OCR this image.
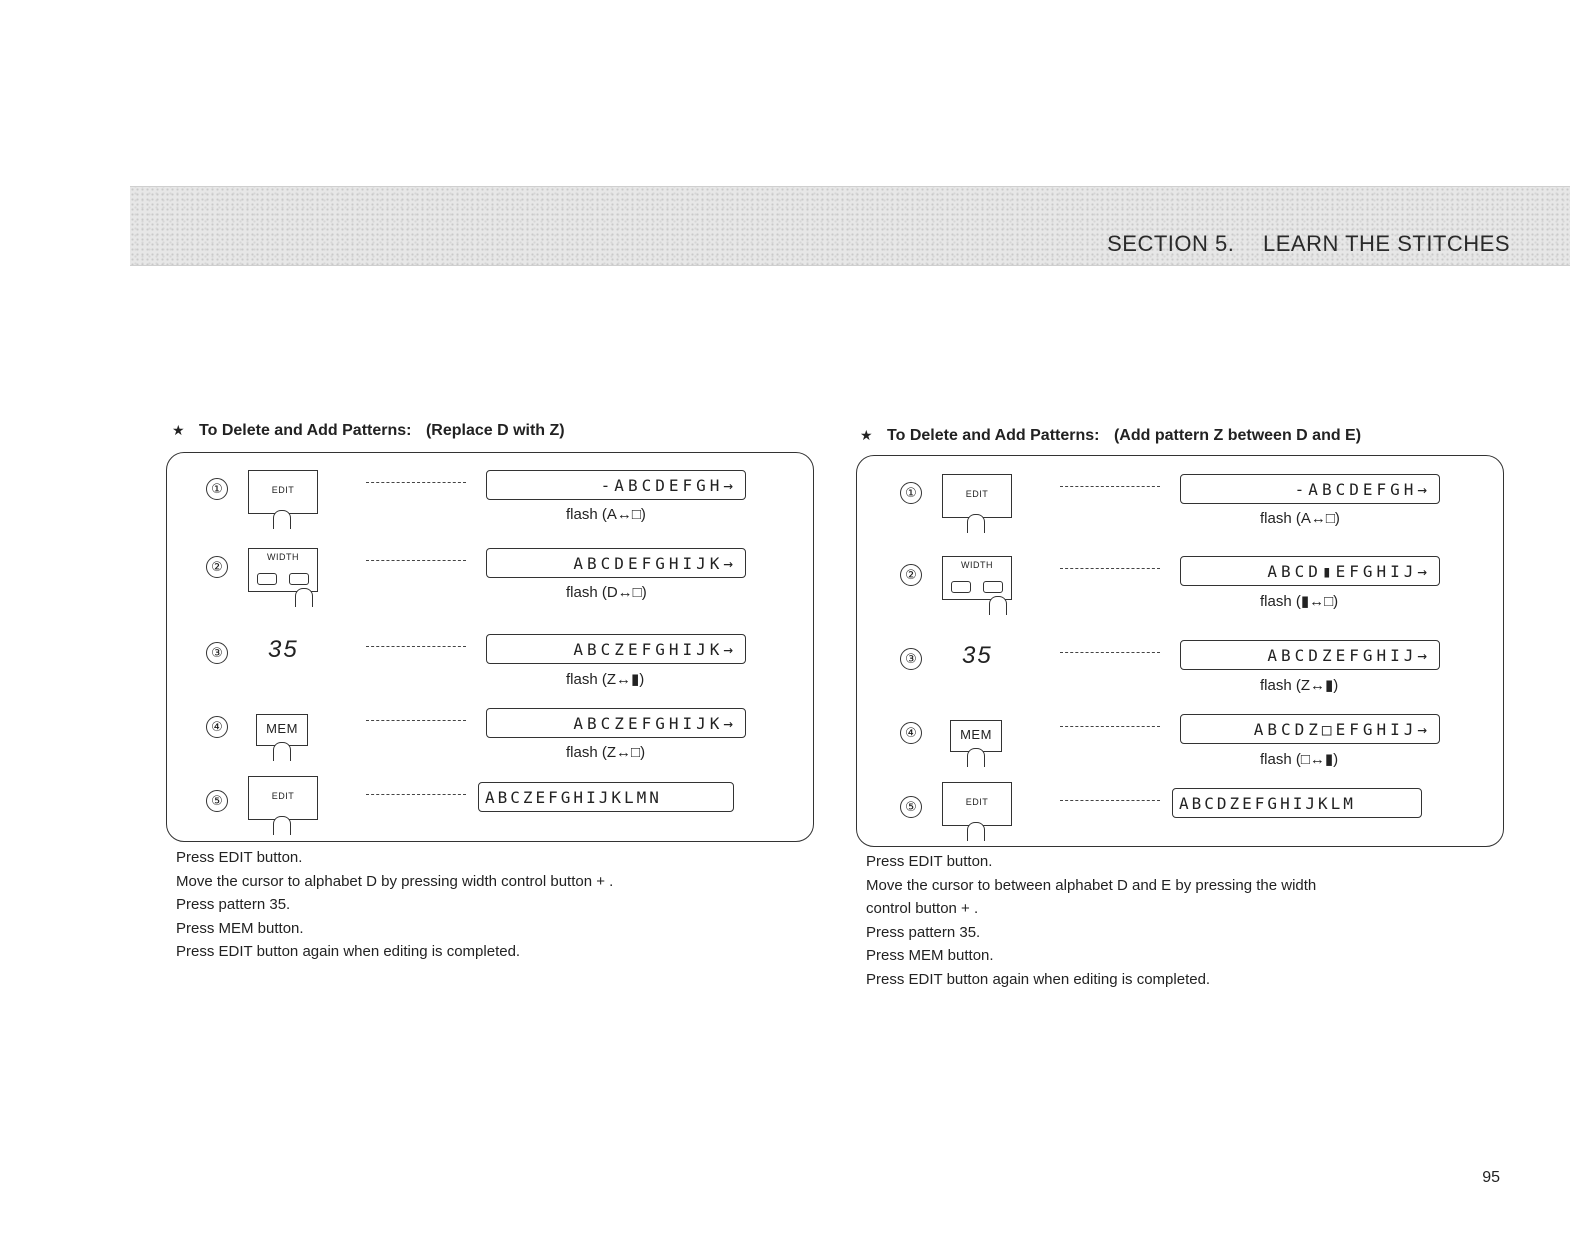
SECTION 5. LEARN THE STITCHES
★ To Delete and Add Patterns: (Replace D with Z)
①	EDIT	-ABCDEFGH→
flash (A↔□)
②
WIDTH	ABCDEFGHIJK→
flash (D↔□)
③ 35	ABCZEFGHIJK→
flash (Z↔▮)
④	MEM	ABCZEFGHIJK→
flash (Z↔□)
⑤	EDIT	ABCZEFGHIJKLMN

Press EDIT button.

Move the cursor to alphabet D by pressing width control button + .

Press pattern 35.

Press MEM button.

Press EDIT button again when editing is completed.

★ To Delete and Add Patterns: (Add pattern Z between D and E)
①	EDIT	-ABCDEFGH→
flash (A↔□)
②
WIDTH	ABCD▮EFGHIJ→
flash (▮↔□)
③ 35	ABCDZEFGHIJ→
flash (Z↔▮)
④	MEM	ABCDZ□EFGHIJ→
flash (□↔▮)
⑤	EDIT	ABCDZEFGHIJKLM

Press EDIT button.

Move the cursor to between alphabet D and E by pressing the width

control button + .

Press pattern 35.

Press MEM button.

Press EDIT button again when editing is completed.

95
